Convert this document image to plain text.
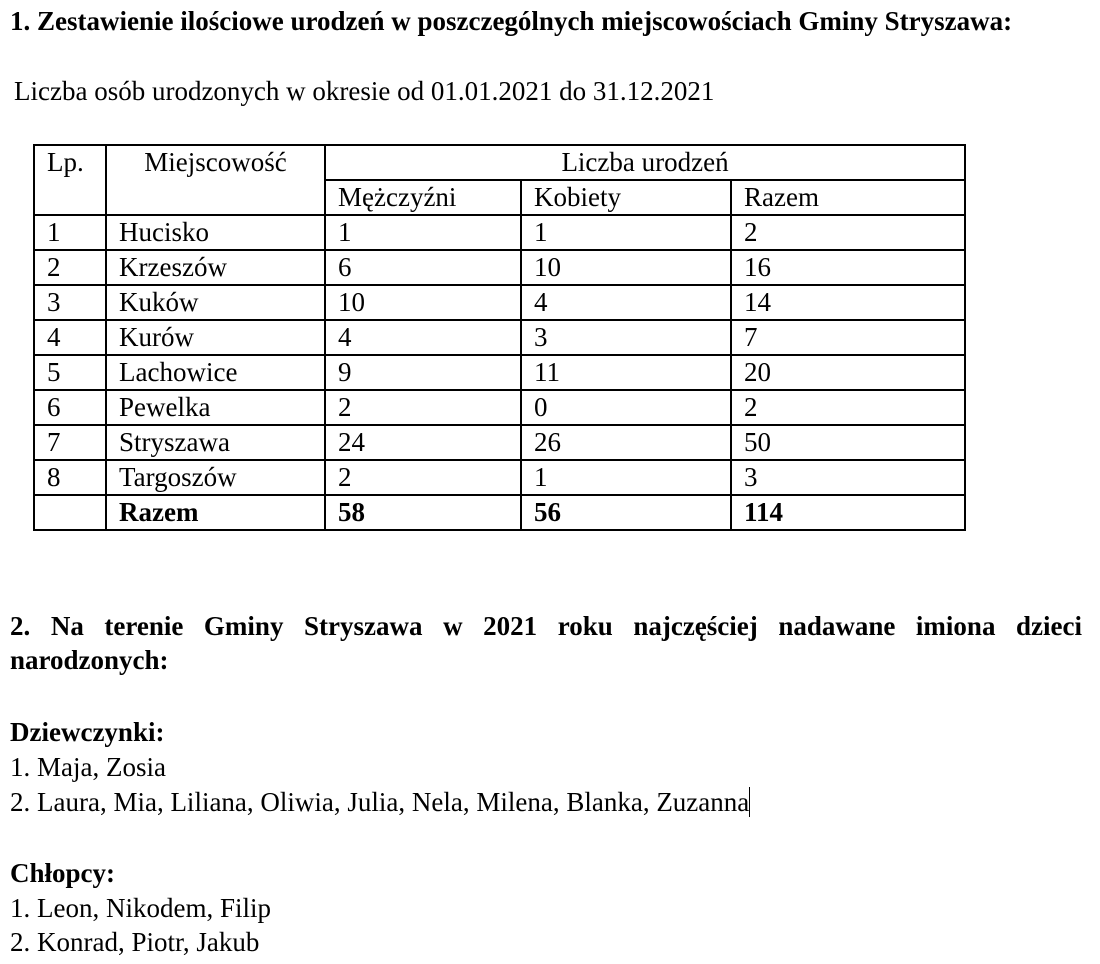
1. Zestawienie ilościowe urodzeń w poszczególnych miejscowościach Gminy Stryszawa:

Liczba osób urodzonych w okresie od 01.01.2021 do 31.12.2021

Lp.	Miejscowość	Liczba urodzeń		
		Mężczyźni	Kobiety	Razem
1	Hucisko	1	1	2
2	Krzeszów	6	10	16
3	Kuków	10	4	14
4	Kurów	4	3	7
5	Lachowice	9	11	20
6	Pewelka	2	0	2
7	Stryszawa	24	26	50
8	Targoszów	2	1	3
	Razem	58	56	114

2. Na terenie Gminy Stryszawa w 2021 roku najczęściej nadawane imiona dzieci narodzonych:

Dziewczynki:

1. Maja, Zosia

2. Laura, Mia, Liliana, Oliwia, Julia, Nela, Milena, Blanka, Zuzanna

Chłopcy:

1. Leon, Nikodem, Filip

2. Konrad, Piotr, Jakub
